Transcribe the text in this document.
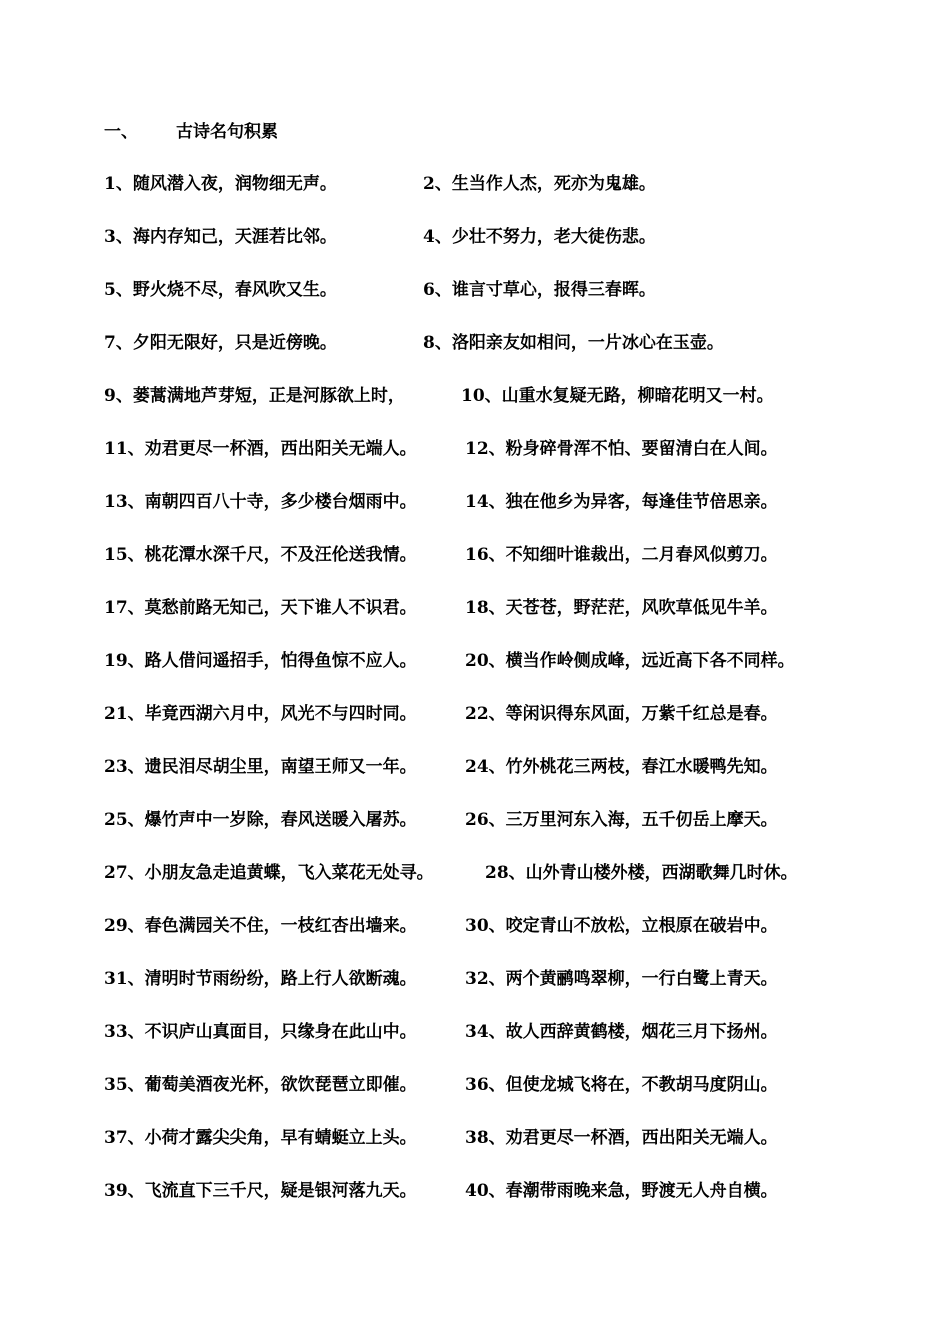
一、 古诗名句积累
1、随风潜入夜，润物细无声。	2、生当作人杰，死亦为鬼雄。
3、海内存知己，天涯若比邻。	4、少壮不努力，老大徒伤悲。
5、野火烧不尽，春风吹又生。	6、谁言寸草心，报得三春晖。
7、夕阳无限好，只是近傍晚。	8、洛阳亲友如相问，一片冰心在玉壶。
9、蒌蒿满地芦芽短，正是河豚欲上时，	10、山重水复疑无路，柳暗花明又一村。
11、劝君更尽一杯酒，西出阳关无端人。	12、粉身碎骨浑不怕、要留清白在人间。
13、南朝四百八十寺，多少楼台烟雨中。	14、独在他乡为异客，每逢佳节倍思亲。
15、桃花潭水深千尺，不及汪伦送我情。	16、不知细叶谁裁出，二月春风似剪刀。
17、莫愁前路无知己，天下谁人不识君。	18、天苍苍，野茫茫，风吹草低见牛羊。
19、路人借问遥招手，怕得鱼惊不应人。	20、横当作岭侧成峰，远近高下各不同样。
21、毕竟西湖六月中，风光不与四时同。	22、等闲识得东风面，万紫千红总是春。
23、遗民泪尽胡尘里，南望王师又一年。	24、竹外桃花三两枝，春江水暖鸭先知。
25、爆竹声中一岁除，春风送暖入屠苏。	26、三万里河东入海，五千仞岳上摩天。
27、小朋友急走追黄蝶，飞入菜花无处寻。	28、山外青山楼外楼，西湖歌舞几时休。
29、春色满园关不住，一枝红杏出墙来。	30、咬定青山不放松，立根原在破岩中。
31、清明时节雨纷纷，路上行人欲断魂。	32、两个黄鹂鸣翠柳，一行白鹭上青天。
33、不识庐山真面目，只缘身在此山中。	34、故人西辞黄鹤楼，烟花三月下扬州。
35、葡萄美酒夜光杯，欲饮琵琶立即催。	36、但使龙城飞将在，不教胡马度阴山。
37、小荷才露尖尖角，早有蜻蜓立上头。	38、劝君更尽一杯酒，西出阳关无端人。
39、飞流直下三千尺，疑是银河落九天。	40、春潮带雨晚来急，野渡无人舟自横。
